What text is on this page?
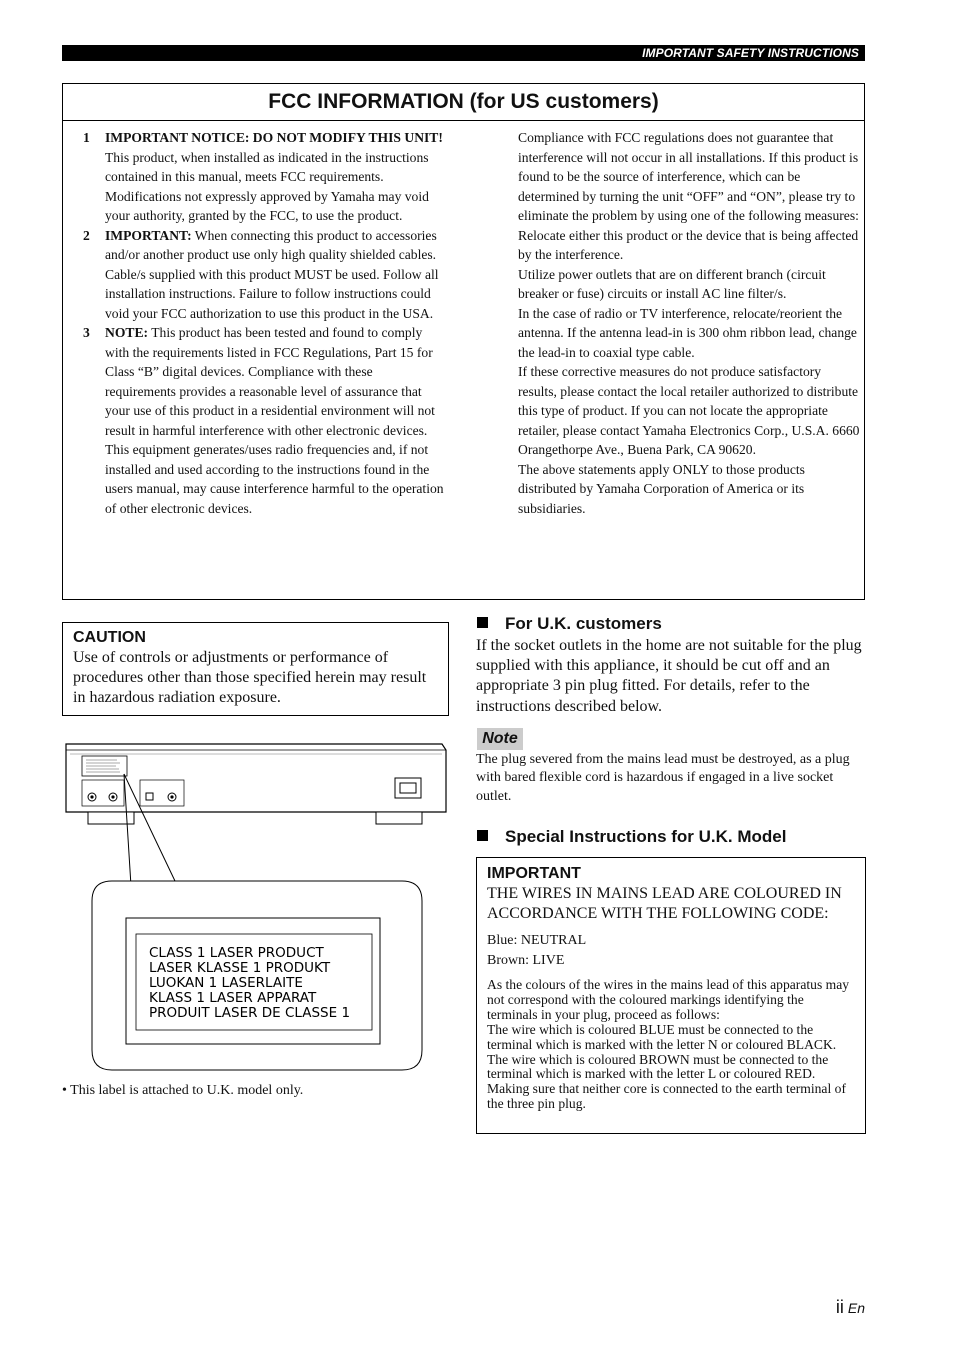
IMPORTANT SAFETY INSTRUCTIONS
FCC INFORMATION (for US customers)
1 IMPORTANT NOTICE: DO NOT MODIFY THIS UNIT!
This product, when installed as indicated in the instructions contained in this manual, meets FCC requirements. Modifications not expressly approved by Yamaha may void your authority, granted by the FCC, to use the product.
2 IMPORTANT: When connecting this product to accessories and/or another product use only high quality shielded cables. Cable/s supplied with this product MUST be used. Follow all installation instructions. Failure to follow instructions could void your FCC authorization to use this product in the USA.
3 NOTE: This product has been tested and found to comply with the requirements listed in FCC Regulations, Part 15 for Class “B” digital devices. Compliance with these requirements provides a reasonable level of assurance that your use of this product in a residential environment will not result in harmful interference with other electronic devices.
This equipment generates/uses radio frequencies and, if not installed and used according to the instructions found in the users manual, may cause interference harmful to the operation of other electronic devices.
Compliance with FCC regulations does not guarantee that interference will not occur in all installations. If this product is found to be the source of interference, which can be determined by turning the unit “OFF” and “ON”, please try to eliminate the problem by using one of the following measures:
Relocate either this product or the device that is being affected by the interference.
Utilize power outlets that are on different branch (circuit breaker or fuse) circuits or install AC line filter/s.
In the case of radio or TV interference, relocate/reorient the antenna. If the antenna lead-in is 300 ohm ribbon lead, change the lead-in to coaxial type cable.
If these corrective measures do not produce satisfactory results, please contact the local retailer authorized to distribute this type of product. If you can not locate the appropriate retailer, please contact Yamaha Electronics Corp., U.S.A. 6660 Orangethorpe Ave., Buena Park, CA 90620.
The above statements apply ONLY to those products distributed by Yamaha Corporation of America or its subsidiaries.
CAUTION
Use of controls or adjustments or performance of procedures other than those specified herein may result in hazardous radiation exposure.
CLASS 1 LASER PRODUCT
LASER KLASSE 1 PRODUKT
LUOKAN 1 LASERLAITE
KLASS 1 LASER APPARAT
PRODUIT LASER DE CLASSE 1
• This label is attached to U.K. model only.
For U.K. customers
If the socket outlets in the home are not suitable for the plug supplied with this appliance, it should be cut off and an appropriate 3 pin plug fitted. For details, refer to the instructions described below.
Note
The plug severed from the mains lead must be destroyed, as a plug with bared flexible cord is hazardous if engaged in a live socket outlet.
Special Instructions for U.K. Model
IMPORTANT
THE WIRES IN MAINS LEAD ARE COLOURED IN ACCORDANCE WITH THE FOLLOWING CODE:
Blue: NEUTRAL
Brown: LIVE
As the colours of the wires in the mains lead of this apparatus may not correspond with the coloured markings identifying the terminals in your plug, proceed as follows:
The wire which is coloured BLUE must be connected to the terminal which is marked with the letter N or coloured BLACK. The wire which is coloured BROWN must be connected to the terminal which is marked with the letter L or coloured RED.
Making sure that neither core is connected to the earth terminal of the three pin plug.
ii En
